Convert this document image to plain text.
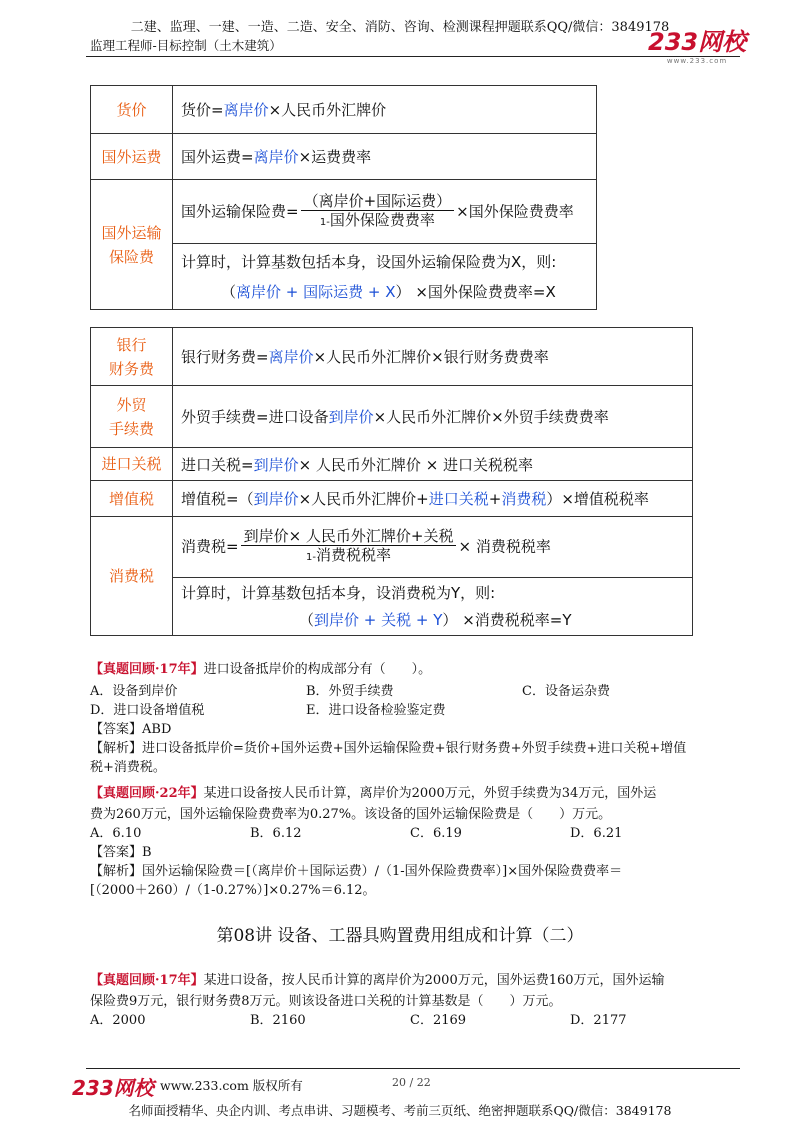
二建、监理、一建、一造、二造、安全、消防、咨询、检测课程押题联系QQ/微信：3849178
监理工程师-目标控制（土木建筑）	233网校
www.233.com
货价	货价=离岸价×人民币外汇牌价
国外运费	国外运费=离岸价×运费费率
国外运输
保险费	国外运输保险费= $\frac{\text{（离岸价+国际运费）}}{\text{1-国外保险费费率}}$ ×国外保险费费率

	计算时，计算基数包括本身，设国外运输保险费为X，则:
（离岸价 + 国际运费 + X） ×国外保险费费率=X
银行
财务费	银行财务费=离岸价×人民币外汇牌价×银行财务费费率
外贸
手续费	外贸手续费=进口设备到岸价×人民币外汇牌价×外贸手续费费率
进口关税	进口关税=到岸价× 人民币外汇牌价 × 进口关税税率
增值税	增值税=（到岸价×人民币外汇牌价+进口关税+消费税）×增值税税率
消费税	消费税= $\frac{\text{到岸价× 人民币外汇牌价+关税}}{\text{1-消费税税率}}$ × 消费税税率

	计算时，计算基数包括本身，设消费税为Y，则:
（到岸价 + 关税 + Y） ×消费税税率=Y
【真题回顾·17年】进口设备抵岸价的构成部分有（　　）。
A．设备到岸价	B．外贸手续费	C．设备运杂费
D．进口设备增值税	E．进口设备检验鉴定费
【答案】ABD
【解析】进口设备抵岸价=货价+国外运费+国外运输保险费+银行财务费+外贸手续费+进口关税+增值
税+消费税。
【真题回顾·22年】某进口设备按人民币计算，离岸价为2000万元，外贸手续费为34万元，国外运
费为260万元，国外运输保险费费率为0.27%。该设备的国外运输保险费是（　　）万元。
A．6.10	B．6.12	C．6.19	D．6.21
【答案】B
【解析】国外运输保险费＝[（离岸价＋国际运费）/（1-国外保险费费率）]×国外保险费费率＝
[（2000＋260）/（1-0.27%）]×0.27%＝6.12。
第08讲 设备、工器具购置费用组成和计算（二）
【真题回顾·17年】某进口设备，按人民币计算的离岸价为2000万元，国外运费160万元，国外运输
保险费9万元，银行财务费8万元。则该设备进口关税的计算基数是（　　）万元。
A．2000	B．2160	C．2169	D．2177
233网校 www.233.com 版权所有	20 / 22
名师面授精华、央企内训、考点串讲、习题模考、考前三页纸、绝密押题联系QQ/微信：3849178
